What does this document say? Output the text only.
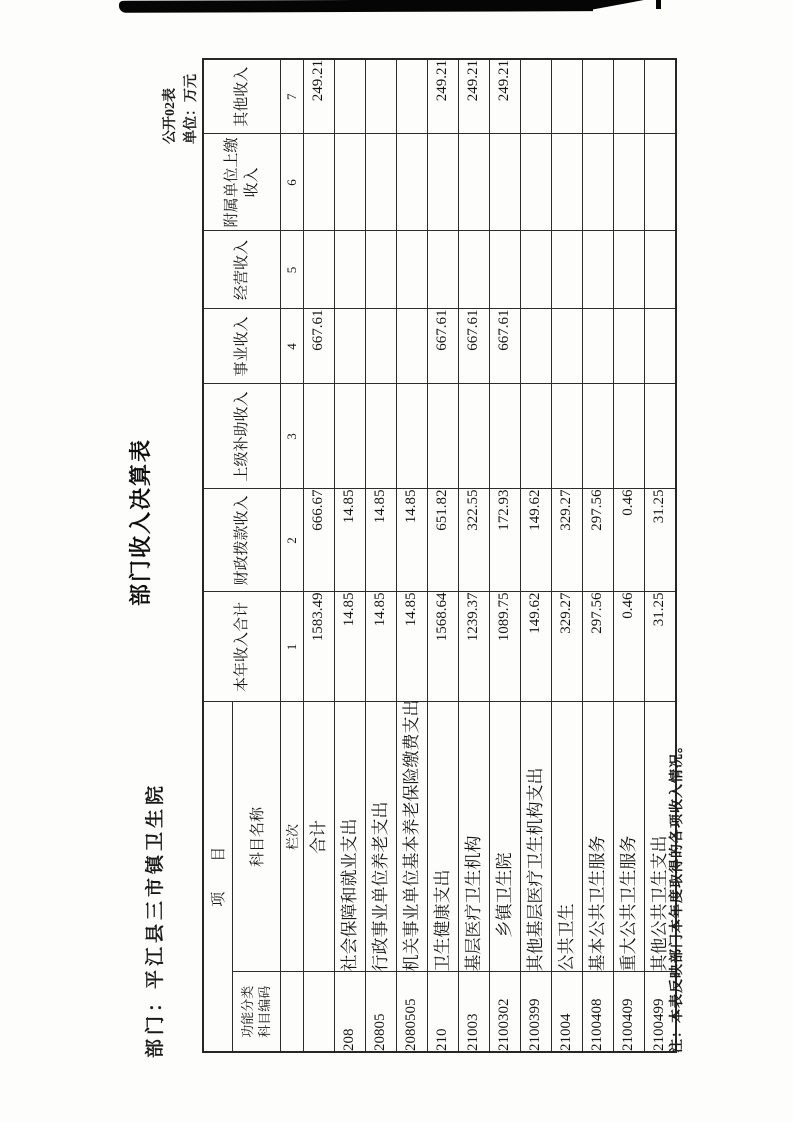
部门收入决算表
部门：平江县三市镇卫生院
公开02表 单位：万元
项　　目		本年收入合计	财政拨款收入	上级补助收入	事业收入	经营收入	附属单位上缴收入	其他收入
功能分类 科目编码	科目名称							
	栏次	1	2	3	4	5	6	7
	合计	1583.49	666.67		667.61			249.21
208	社会保障和就业支出	14.85	14.85					
20805	行政事业单位养老支出	14.85	14.85					
2080505	机关事业单位基本养老保险缴费支出	14.85	14.85					
210	卫生健康支出	1568.64	651.82		667.61			249.21
21003	基层医疗卫生机构	1239.37	322.55		667.61			249.21
2100302	乡镇卫生院	1089.75	172.93		667.61			249.21
2100399	其他基层医疗卫生机构支出	149.62	149.62					
21004	公共卫生	329.27	329.27					
2100408	基本公共卫生服务	297.56	297.56					
2100409	重大公共卫生服务	0.46	0.46					
2100499	其他公共卫生支出	31.25	31.25					
注：本表反映部门本年度取得的各项收入情况。
